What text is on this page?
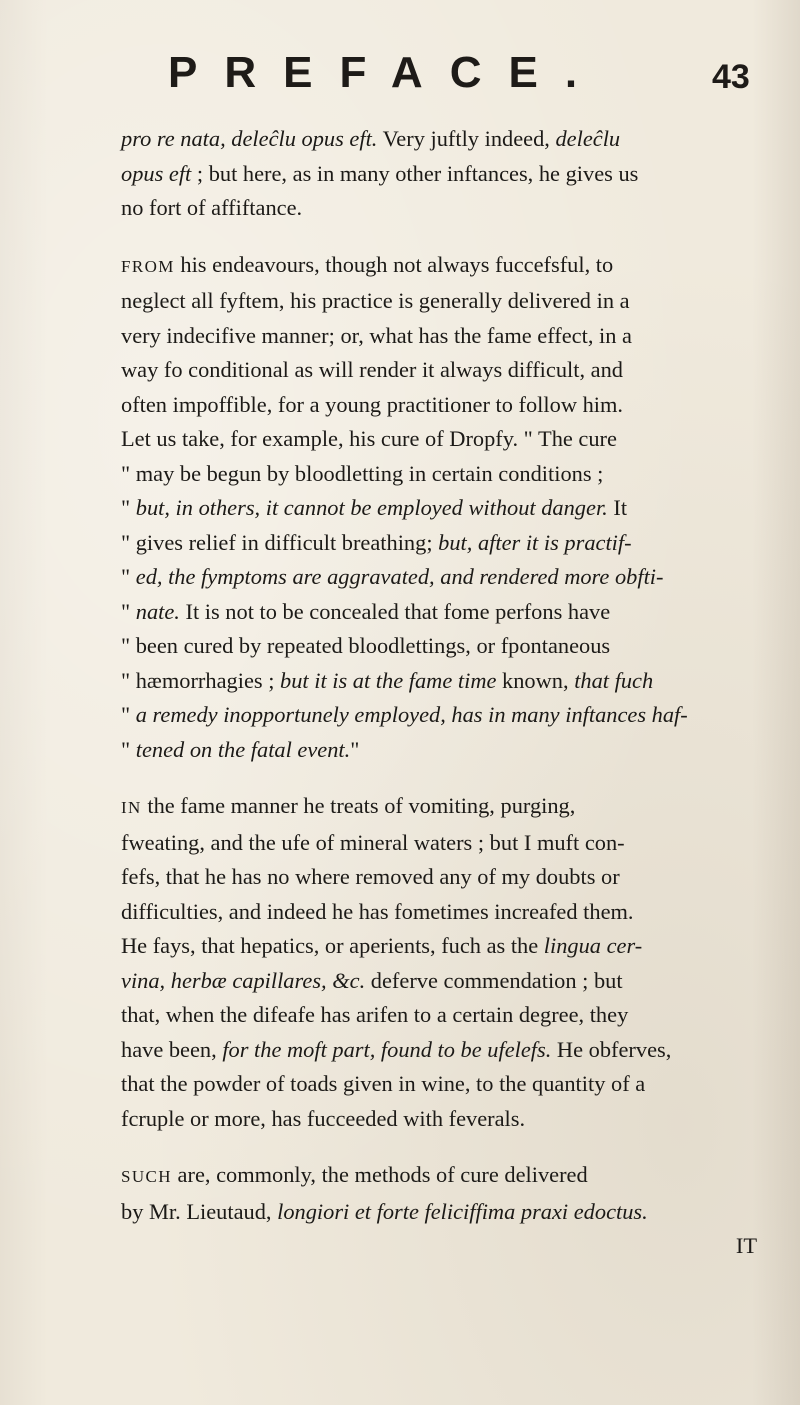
PREFACE.	43
pro re nata, deleĉlu opus eft. Very juftly indeed, deleĉlu
opus eft ; but here, as in many other inftances, he gives us
no fort of affiftance.
FROM his endeavours, though not always fuccefsful, to
neglect all fyftem, his practice is generally delivered in a
very indecifive manner; or, what has the fame effect, in a
way fo conditional as will render it always difficult, and
often impoffible, for a young practitioner to follow him.
Let us take, for example, his cure of Dropfy. " The cure
" may be begun by bloodletting in certain conditions ;
" but, in others, it cannot be employed without danger. It
" gives relief in difficult breathing; but, after it is practif-
" ed, the fymptoms are aggravated, and rendered more obfti-
" nate. It is not to be concealed that fome perfons have
" been cured by repeated bloodlettings, or fpontaneous
" hæmorrhagies ; but it is at the fame time known, that fuch
" a remedy inopportunely employed, has in many inftances haf-
" tened on the fatal event."
IN the fame manner he treats of vomiting, purging,
fweating, and the ufe of mineral waters ; but I muft con-
fefs, that he has no where removed any of my doubts or
difficulties, and indeed he has fometimes increafed them.
He fays, that hepatics, or aperients, fuch as the lingua cer-
vina, herbæ capillares, &c. deferve commendation ; but
that, when the difeafe has arifen to a certain degree, they
have been, for the moft part, found to be ufelefs. He obferves,
that the powder of toads given in wine, to the quantity of a
fcruple or more, has fucceeded with feverals.
SUCH are, commonly, the methods of cure delivered
by Mr. Lieutaud, longiori et forte feliciffima praxi edoctus.
IT
